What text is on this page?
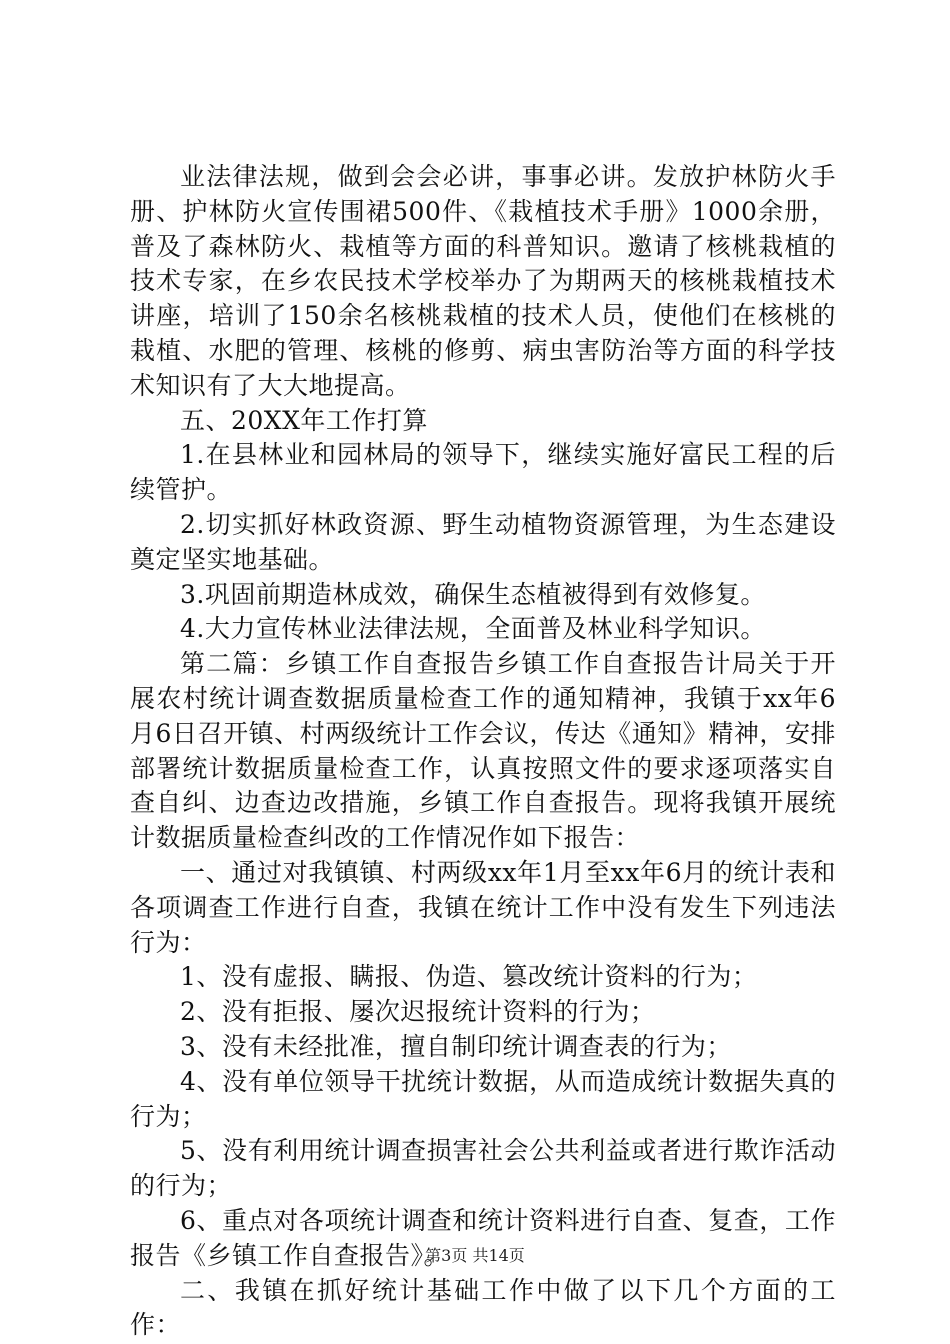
业法律法规，做到会会必讲，事事必讲。发放护林防火手册、护林防火宣传围裙500件、《栽植技术手册》1000余册，普及了森林防火、栽植等方面的科普知识。邀请了核桃栽植的技术专家，在乡农民技术学校举办了为期两天的核桃栽植技术讲座，培训了150余名核桃栽植的技术人员，使他们在核桃的栽植、水肥的管理、核桃的修剪、病虫害防治等方面的科学技术知识有了大大地提高。

五、20XX年工作打算

1.在县林业和园林局的领导下，继续实施好富民工程的后续管护。

2.切实抓好林政资源、野生动植物资源管理，为生态建设奠定坚实地基础。

3.巩固前期造林成效，确保生态植被得到有效修复。

4.大力宣传林业法律法规，全面普及林业科学知识。

第二篇：乡镇工作自查报告乡镇工作自查报告计局关于开展农村统计调查数据质量检查工作的通知精神，我镇于xx年6月6日召开镇、村两级统计工作会议，传达《通知》精神，安排部署统计数据质量检查工作，认真按照文件的要求逐项落实自查自纠、边查边改措施，乡镇工作自查报告。现将我镇开展统计数据质量检查纠改的工作情况作如下报告：

一、通过对我镇镇、村两级xx年1月至xx年6月的统计表和各项调查工作进行自查，我镇在统计工作中没有发生下列违法行为：

1、没有虚报、瞒报、伪造、篡改统计资料的行为；

2、没有拒报、屡次迟报统计资料的行为；

3、没有未经批准，擅自制印统计调查表的行为；

4、没有单位领导干扰统计数据，从而造成统计数据失真的行为；

5、没有利用统计调查损害社会公共利益或者进行欺诈活动的行为；

6、重点对各项统计调查和统计资料进行自查、复查，工作报告《乡镇工作自查报告》。

二、我镇在抓好统计基础工作中做了以下几个方面的工作：

第3页 共14页
